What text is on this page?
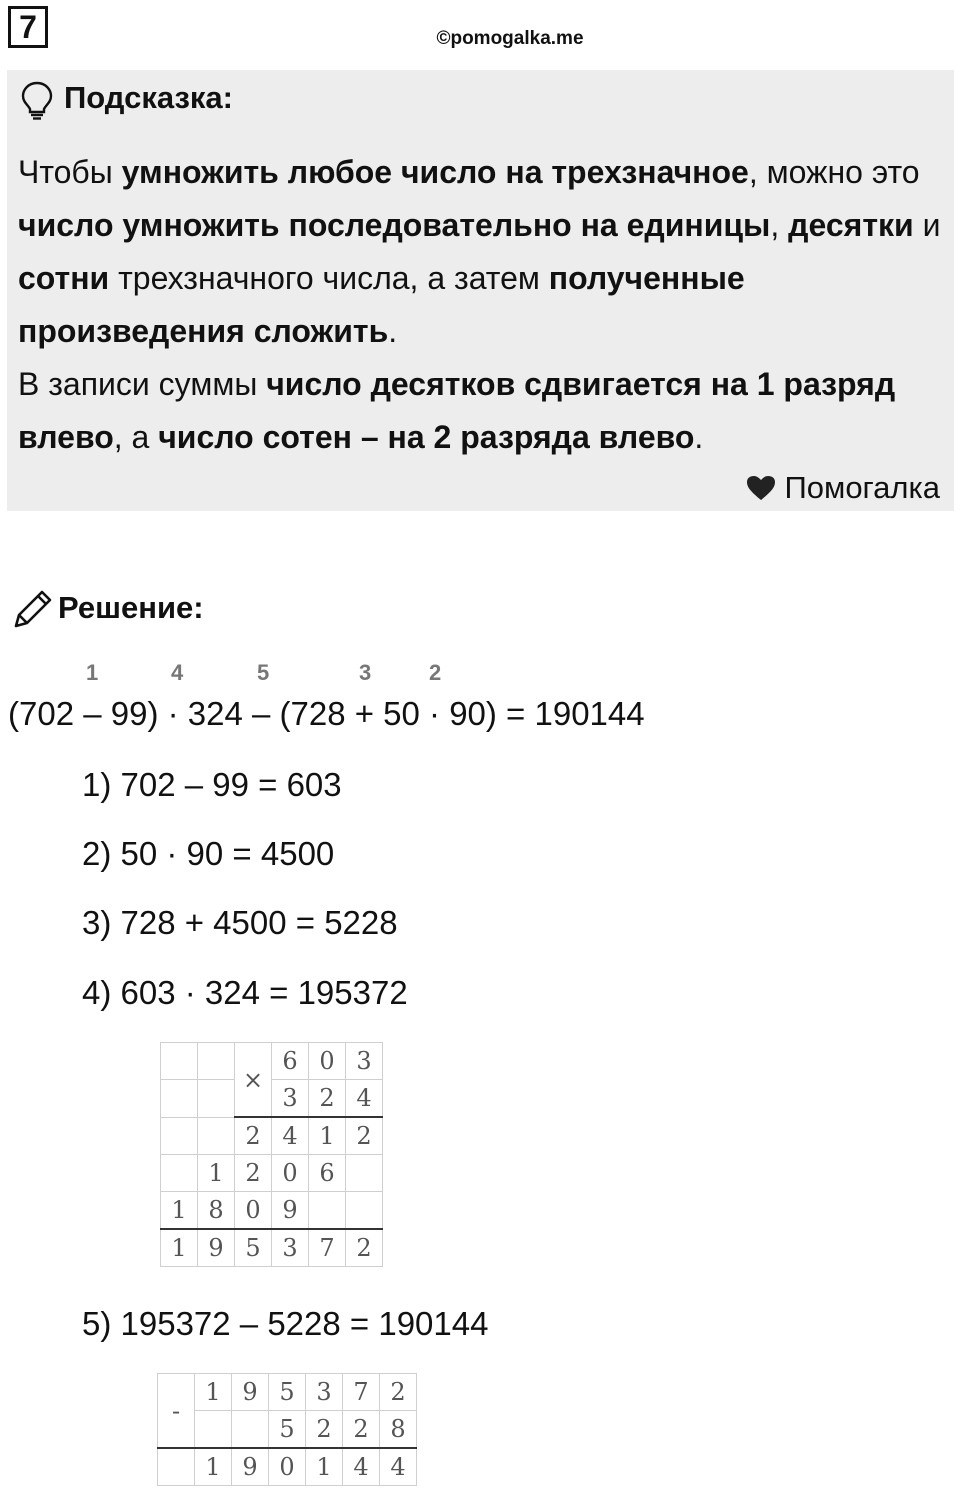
7	©pomogalka.me
Подсказка:
Чтобы умножить любое число на трехзначное, можно это число умножить последовательно на единицы, десятки и сотни трехзначного числа, а затем полученные произведения сложить.
В записи суммы число десятков сдвигается на 1 разряд влево, а число сотен – на 2 разряда влево.
Помогалка
Решение:
1	4	5	3	2
(702 – 99) · 324 – (728 + 50 · 90) = 190144
1) 702 – 99 = 603
2) 50 · 90 = 4500
3) 728 + 4500 = 5228
4) 603 · 324 = 195372
		×	6	0	3
			3	2	4
		2	4	1	2
	1	2	0	6	
1	8	0	9		
1	9	5	3	7	2
5) 195372 – 5228 = 190144
-	1	9	5	3	7	2
			5	2	2	8
	1	9	0	1	4	4
